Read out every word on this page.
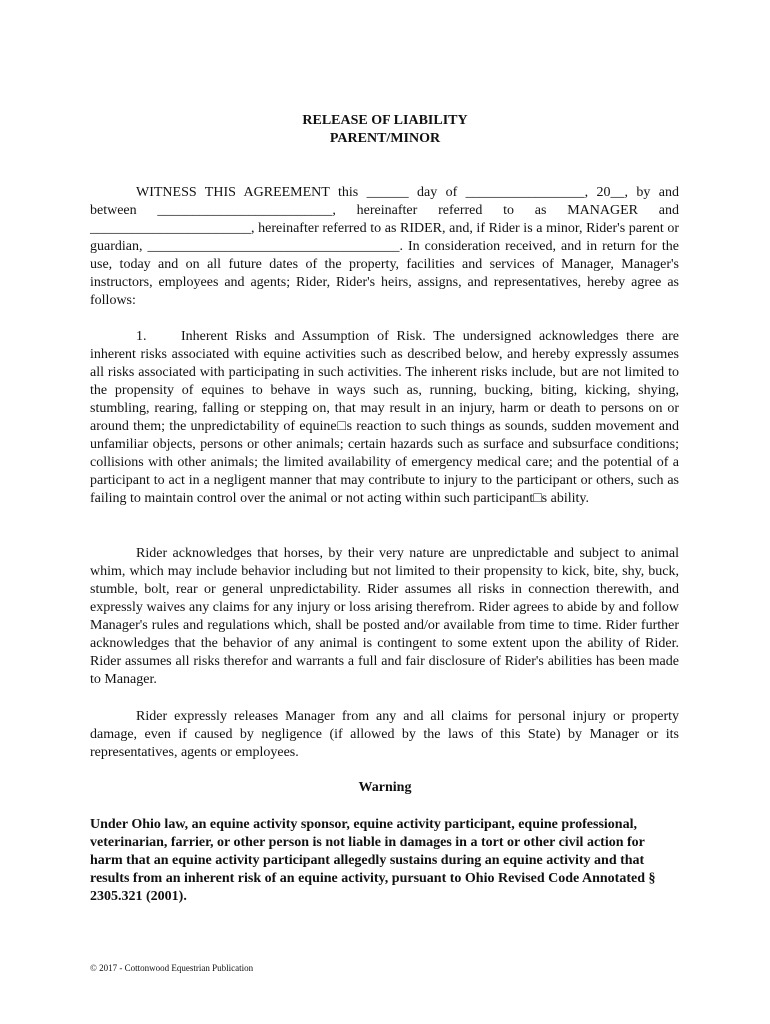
RELEASE OF LIABILITY
PARENT/MINOR
WITNESS THIS AGREEMENT this ______ day of _________________, 20__, by and between _________________________, hereinafter referred to as MANAGER and _______________________, hereinafter referred to as RIDER, and, if Rider is a minor, Rider's parent or guardian, ____________________________________. In consideration received, and in return for the use, today and on all future dates of the property, facilities and services of Manager, Manager's instructors, employees and agents; Rider, Rider's heirs, assigns, and representatives, hereby agree as follows:
1. Inherent Risks and Assumption of Risk. The undersigned acknowledges there are inherent risks associated with equine activities such as described below, and hereby expressly assumes all risks associated with participating in such activities. The inherent risks include, but are not limited to the propensity of equines to behave in ways such as, running, bucking, biting, kicking, shying, stumbling, rearing, falling or stepping on, that may result in an injury, harm or death to persons on or around them; the unpredictability of equine□s reaction to such things as sounds, sudden movement and unfamiliar objects, persons or other animals; certain hazards such as surface and subsurface conditions; collisions with other animals; the limited availability of emergency medical care; and the potential of a participant to act in a negligent manner that may contribute to injury to the participant or others, such as failing to maintain control over the animal or not acting within such participant□s ability.
Rider acknowledges that horses, by their very nature are unpredictable and subject to animal whim, which may include behavior including but not limited to their propensity to kick, bite, shy, buck, stumble, bolt, rear or general unpredictability. Rider assumes all risks in connection therewith, and expressly waives any claims for any injury or loss arising therefrom. Rider agrees to abide by and follow Manager's rules and regulations which, shall be posted and/or available from time to time. Rider further acknowledges that the behavior of any animal is contingent to some extent upon the ability of Rider. Rider assumes all risks therefor and warrants a full and fair disclosure of Rider's abilities has been made to Manager.
Rider expressly releases Manager from any and all claims for personal injury or property damage, even if caused by negligence (if allowed by the laws of this State) by Manager or its representatives, agents or employees.
Warning
Under Ohio law, an equine activity sponsor, equine activity participant, equine professional, veterinarian, farrier, or other person is not liable in damages in a tort or other civil action for harm that an equine activity participant allegedly sustains during an equine activity and that results from an inherent risk of an equine activity, pursuant to Ohio Revised Code Annotated § 2305.321 (2001).
© 2017 - Cottonwood Equestrian Publication
